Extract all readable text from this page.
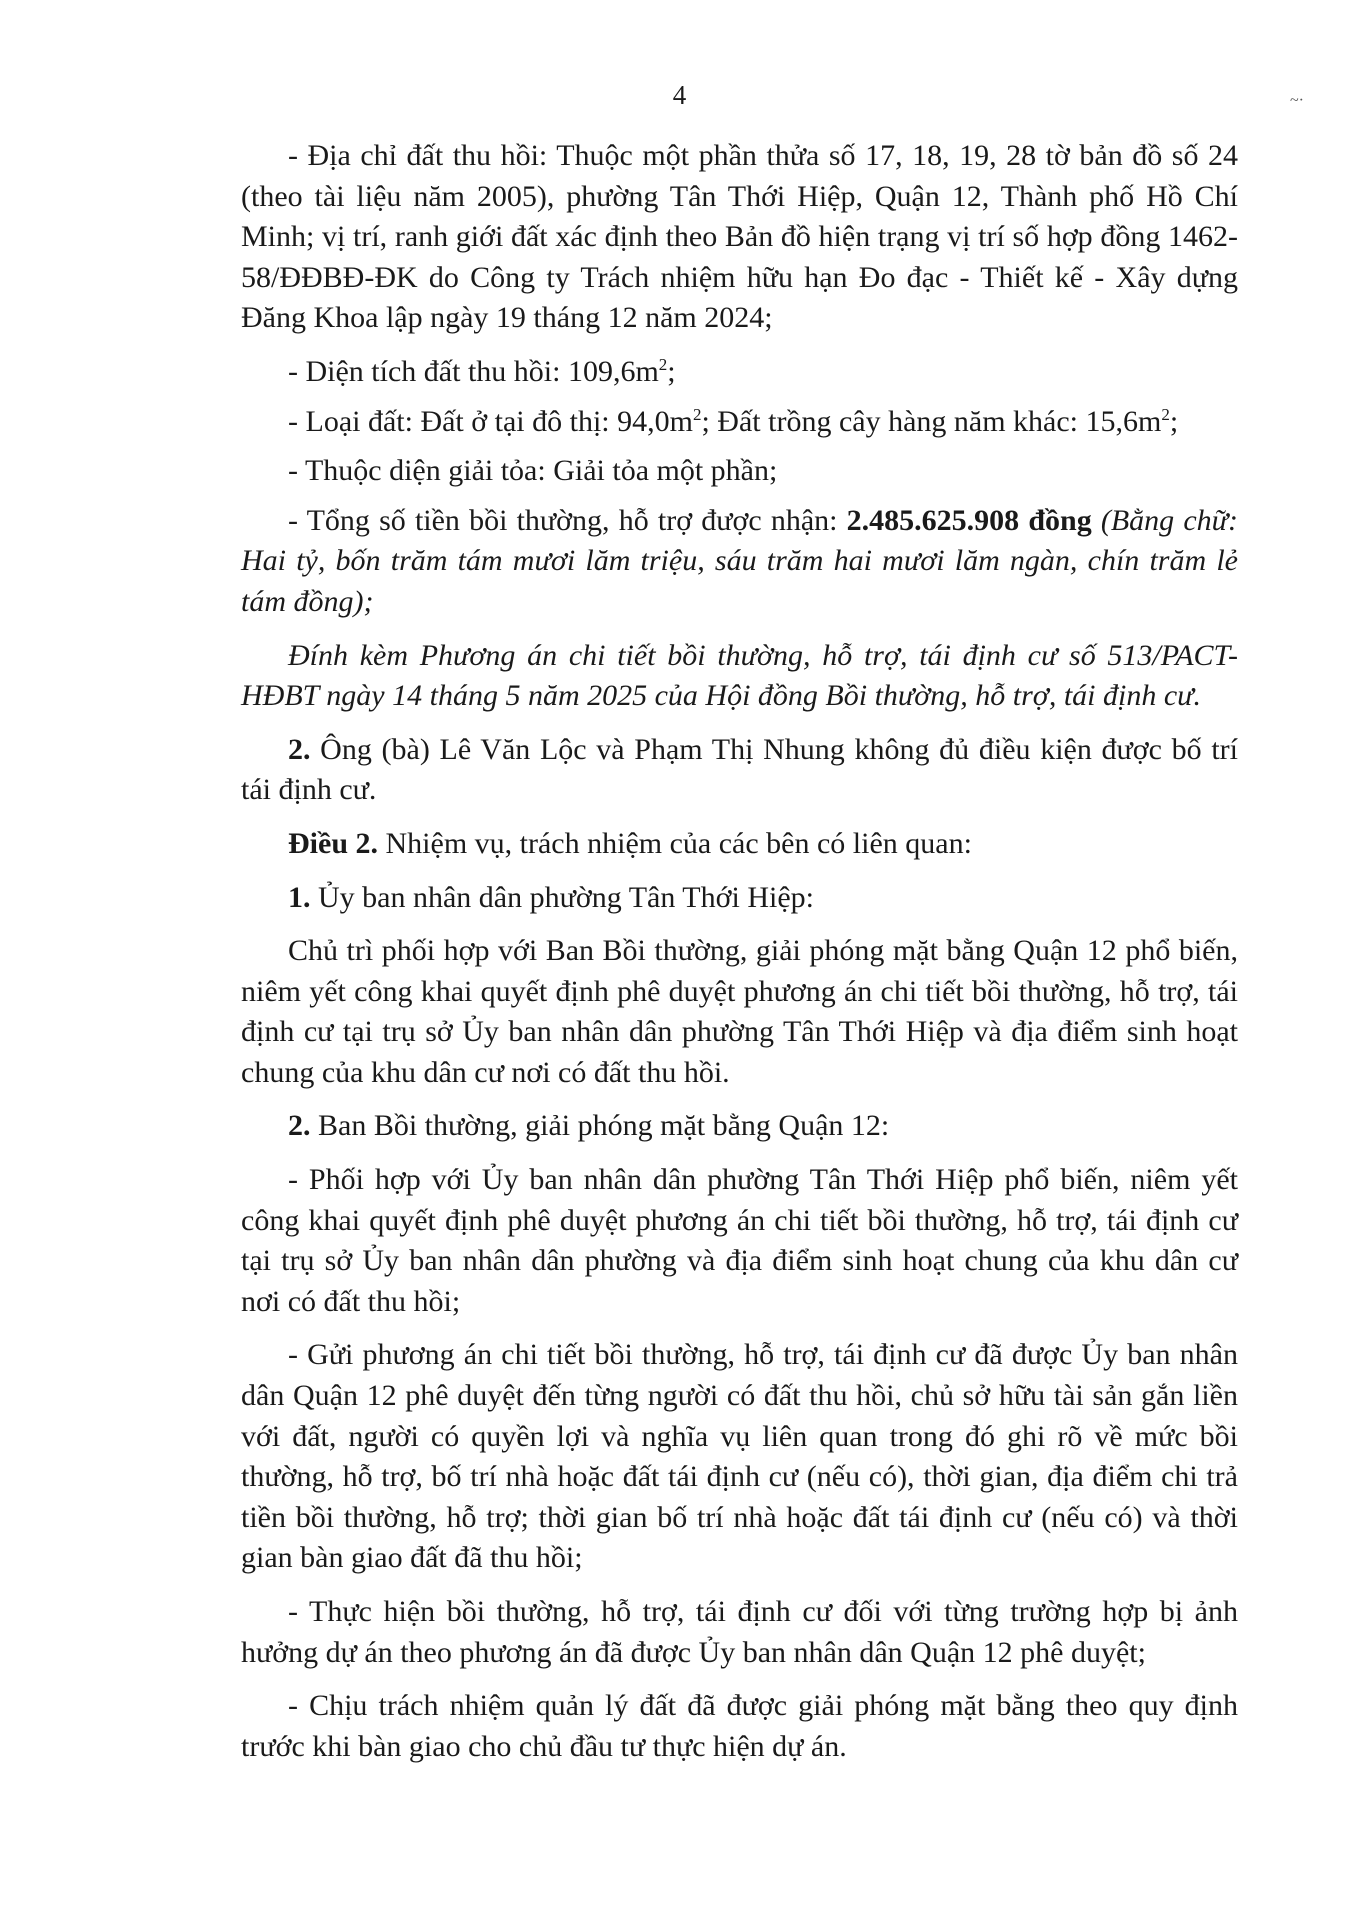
4	~·

- Địa chỉ đất thu hồi: Thuộc một phần thửa số 17, 18, 19, 28 tờ bản đồ số 24 (theo tài liệu năm 2005), phường Tân Thới Hiệp, Quận 12, Thành phố Hồ Chí Minh; vị trí, ranh giới đất xác định theo Bản đồ hiện trạng vị trí số hợp đồng 1462-58/ĐĐBĐ-ĐK do Công ty Trách nhiệm hữu hạn Đo đạc - Thiết kế - Xây dựng Đăng Khoa lập ngày 19 tháng 12 năm 2024;

- Diện tích đất thu hồi: $109,6m^2$;

- Loại đất: Đất ở tại đô thị: $94,0m^2$; Đất trồng cây hàng năm khác: $15,6m^2$;

- Thuộc diện giải tỏa: Giải tỏa một phần;

- Tổng số tiền bồi thường, hỗ trợ được nhận: 2.485.625.908 đồng (Bằng chữ: Hai tỷ, bốn trăm tám mươi lăm triệu, sáu trăm hai mươi lăm ngàn, chín trăm lẻ tám đồng);

Đính kèm Phương án chi tiết bồi thường, hỗ trợ, tái định cư số 513/PACT-HĐBT ngày 14 tháng 5 năm 2025 của Hội đồng Bồi thường, hỗ trợ, tái định cư.

2. Ông (bà) Lê Văn Lộc và Phạm Thị Nhung không đủ điều kiện được bố trí tái định cư.

Điều 2. Nhiệm vụ, trách nhiệm của các bên có liên quan:

1. Ủy ban nhân dân phường Tân Thới Hiệp:

Chủ trì phối hợp với Ban Bồi thường, giải phóng mặt bằng Quận 12 phổ biến, niêm yết công khai quyết định phê duyệt phương án chi tiết bồi thường, hỗ trợ, tái định cư tại trụ sở Ủy ban nhân dân phường Tân Thới Hiệp và địa điểm sinh hoạt chung của khu dân cư nơi có đất thu hồi.

2. Ban Bồi thường, giải phóng mặt bằng Quận 12:

- Phối hợp với Ủy ban nhân dân phường Tân Thới Hiệp phổ biến, niêm yết công khai quyết định phê duyệt phương án chi tiết bồi thường, hỗ trợ, tái định cư tại trụ sở Ủy ban nhân dân phường và địa điểm sinh hoạt chung của khu dân cư nơi có đất thu hồi;

- Gửi phương án chi tiết bồi thường, hỗ trợ, tái định cư đã được Ủy ban nhân dân Quận 12 phê duyệt đến từng người có đất thu hồi, chủ sở hữu tài sản gắn liền với đất, người có quyền lợi và nghĩa vụ liên quan trong đó ghi rõ về mức bồi thường, hỗ trợ, bố trí nhà hoặc đất tái định cư (nếu có), thời gian, địa điểm chi trả tiền bồi thường, hỗ trợ; thời gian bố trí nhà hoặc đất tái định cư (nếu có) và thời gian bàn giao đất đã thu hồi;

- Thực hiện bồi thường, hỗ trợ, tái định cư đối với từng trường hợp bị ảnh hưởng dự án theo phương án đã được Ủy ban nhân dân Quận 12 phê duyệt;

- Chịu trách nhiệm quản lý đất đã được giải phóng mặt bằng theo quy định trước khi bàn giao cho chủ đầu tư thực hiện dự án.
